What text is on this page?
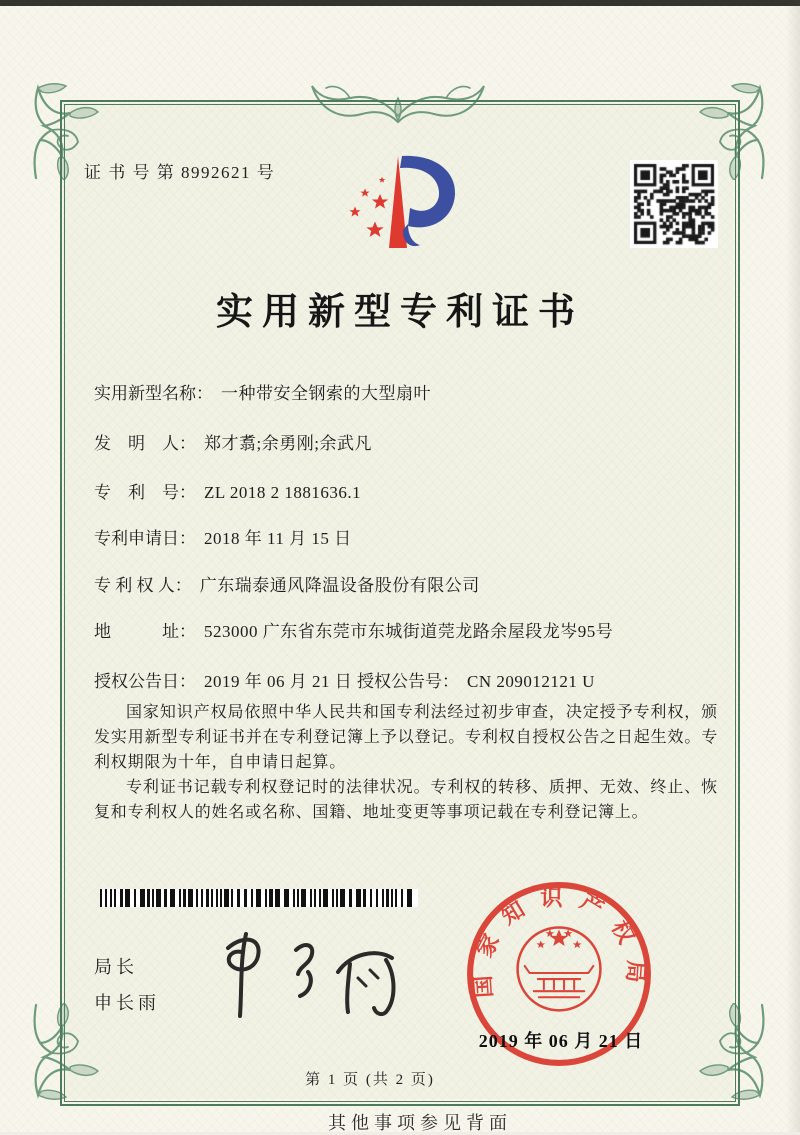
证 书 号 第 8992621 号
实用新型专利证书
实用新型名称： 一种带安全钢索的大型扇叶
发　明　人： 郑才翥;余勇刚;余武凡
专　利　号： ZL 2018 2 1881636.1
专利申请日： 2018 年 11 月 15 日
专 利 权 人： 广东瑞泰通风降温设备股份有限公司
地　　　址： 523000 广东省东莞市东城街道莞龙路余屋段龙岑95号
授权公告日： 2019 年 06 月 21 日 授权公告号： CN 209012121 U

国家知识产权局依照中华人民共和国专利法经过初步审查，决定授予专利权，颁发实用新型专利证书并在专利登记簿上予以登记。专利权自授权公告之日起生效。专利权期限为十年，自申请日起算。

专利证书记载专利权登记时的法律状况。专利权的转移、质押、无效、终止、恢复和专利权人的姓名或名称、国籍、地址变更等事项记载在专利登记簿上。

局长
申长雨
国家知识产权局
2019 年 06 月 21 日
第 1 页 (共 2 页)
其他事项参见背面
